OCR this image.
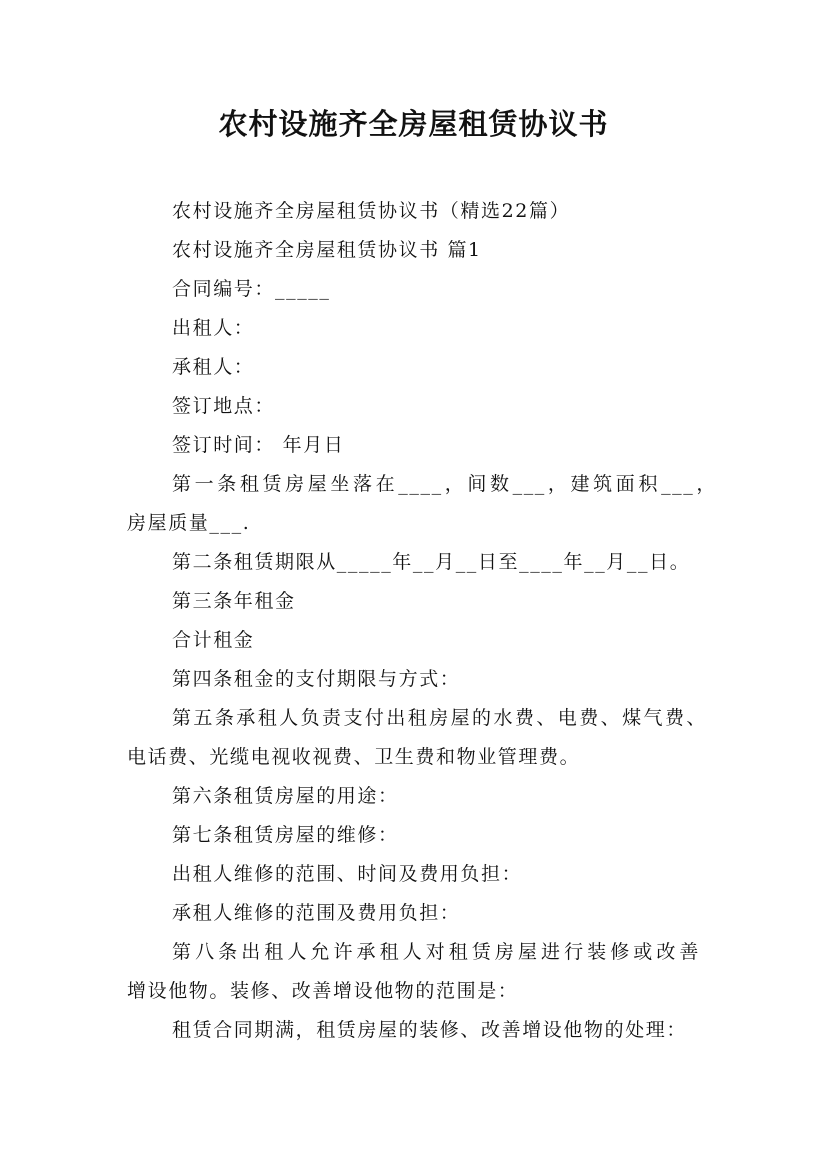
农村设施齐全房屋租赁协议书
农村设施齐全房屋租赁协议书（精选22篇）
农村设施齐全房屋租赁协议书 篇1
合同编号：_____
出租人：
承租人：
签订地点：
签订时间： 年月日
第一条租赁房屋坐落在____，间数___，建筑面积___，
房屋质量___.
第二条租赁期限从_____年__月__日至____年__月__日。
第三条年租金
合计租金
第四条租金的支付期限与方式：
第五条承租人负责支付出租房屋的水费、电费、煤气费、
电话费、光缆电视收视费、卫生费和物业管理费。
第六条租赁房屋的用途：
第七条租赁房屋的维修：
出租人维修的范围、时间及费用负担：
承租人维修的范围及费用负担：
第八条出租人允许承租人对租赁房屋进行装修或改善
增设他物。装修、改善增设他物的范围是：
租赁合同期满，租赁房屋的装修、改善增设他物的处理：
